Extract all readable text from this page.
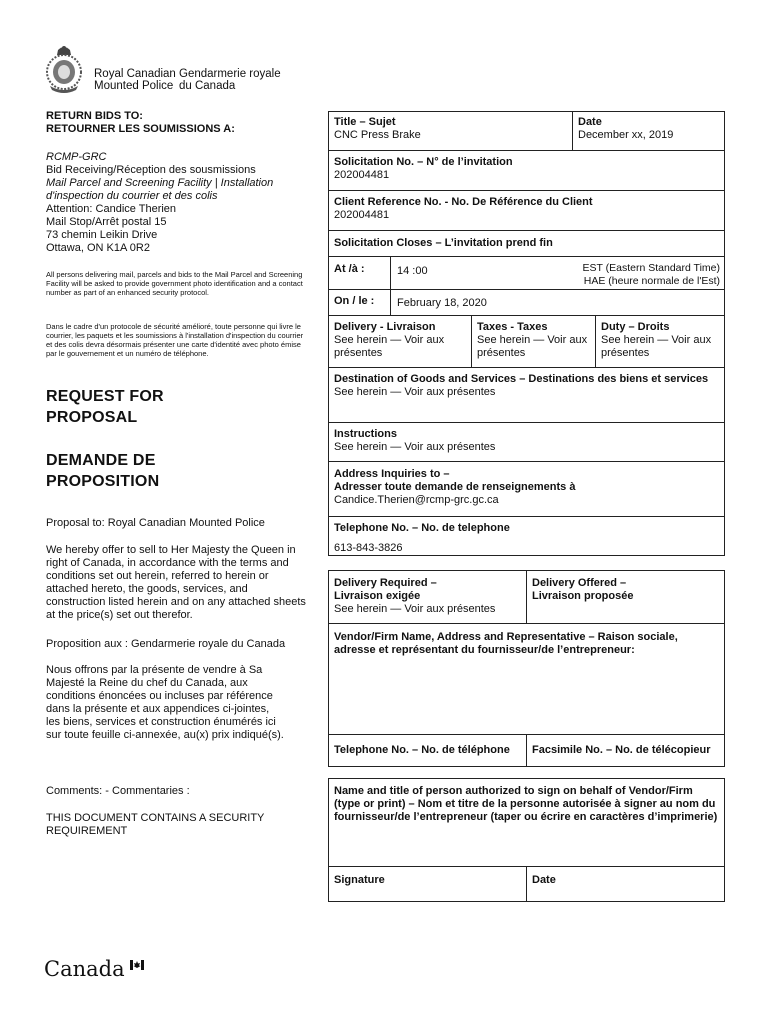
Royal Canadian
Mounted Police
Gendarmerie royale
du Canada
RETURN BIDS TO:
RETOURNER LES SOUMISSIONS A:
RCMP-GRC
Bid Receiving/Réception des sousmissions
Mail Parcel and Screening Facility | Installation
d'inspection du courrier et des colis
Attention: Candice Therien
Mail Stop/Arrêt postal 15
73 chemin Leikin Drive
Ottawa, ON K1A 0R2
All persons delivering mail, parcels and bids to the Mail Parcel and Screening Facility will be asked to provide government photo identification and a contact number as part of an enhanced security protocol.
Dans le cadre d'un protocole de sécurité amélioré, toute personne qui livre le courrier, les paquets et les soumissions à l'installation d'inspection du courrier et des colis devra désormais présenter une carte d'identité avec photo émise par le gouvernement et un numéro de téléphone.
REQUEST FOR
PROPOSAL
DEMANDE DE
PROPOSITION
Proposal to: Royal Canadian Mounted Police
We hereby offer to sell to Her Majesty the Queen in right of Canada, in accordance with the terms and conditions set out herein, referred to herein or attached hereto, the goods, services, and construction listed herein and on any attached sheets at the price(s) set out therefor.
Proposition aux : Gendarmerie royale du Canada
Nous offrons par la présente de vendre à Sa Majesté la Reine du chef du Canada, aux conditions énoncées ou incluses par référence dans la présente et aux appendices ci-jointes, les biens, services et construction énumérés ici sur toute feuille ci-annexée, au(x) prix indiqué(s).
Comments: - Commentaries :
THIS DOCUMENT CONTAINS A SECURITY REQUIREMENT
Title – Sujet
CNC Press Brake
Date
December xx, 2019
Solicitation No. – N° de l’invitation
202004481
Client Reference No. - No. De Référence du Client
202004481
Solicitation Closes – L’invitation prend fin
At /à :	14 :00	EST (Eastern Standard Time)
HAE (heure normale de l'Est)
On / le : February 18, 2020
Delivery - Livraison
See herein — Voir aux présentes
Taxes - Taxes
See herein — Voir aux présentes
Duty – Droits
See herein — Voir aux présentes
Destination of Goods and Services – Destinations des biens et services
See herein — Voir aux présentes
Instructions
See herein — Voir aux présentes
Address Inquiries to –
Adresser toute demande de renseignements à
Candice.Therien@rcmp-grc.gc.ca
Telephone No. – No. de telephone
613-843-3826
Delivery Required –
Livraison exigée
See herein — Voir aux présentes
Delivery Offered –
Livraison proposée
Vendor/Firm Name, Address and Representative – Raison sociale, adresse et représentant du fournisseur/de l’entrepreneur:
Telephone No. – No. de téléphone Facsimile No. – No. de télécopieur
Name and title of person authorized to sign on behalf of Vendor/Firm (type or print) – Nom et titre de la personne autorisée à signer au nom du fournisseur/de l’entrepreneur (taper ou écrire en caractères d’imprimerie)
Signature	Date
Canada
